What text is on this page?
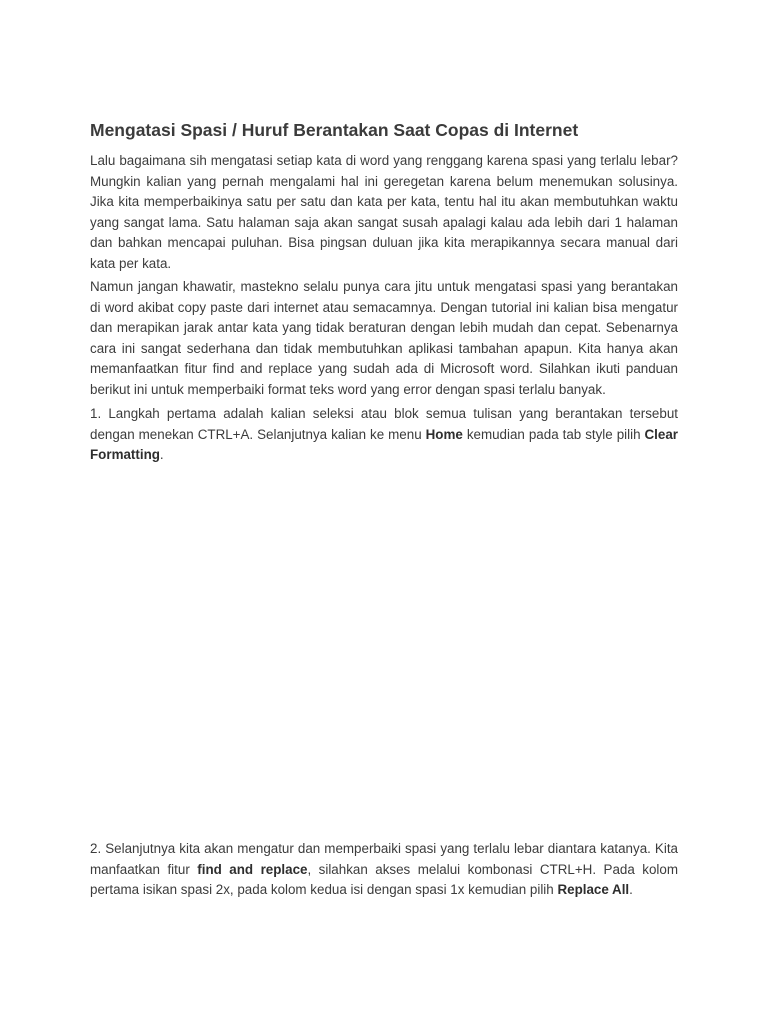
Mengatasi Spasi / Huruf Berantakan Saat Copas di Internet

Lalu bagaimana sih mengatasi setiap kata di word yang renggang karena spasi yang terlalu lebar? Mungkin kalian yang pernah mengalami hal ini geregetan karena belum menemukan solusinya. Jika kita memperbaikinya satu per satu dan kata per kata, tentu hal itu akan membutuhkan waktu yang sangat lama. Satu halaman saja akan sangat susah apalagi kalau ada lebih dari 1 halaman dan bahkan mencapai puluhan. Bisa pingsan duluan jika kita merapikannya secara manual dari kata per kata.

Namun jangan khawatir, mastekno selalu punya cara jitu untuk mengatasi spasi yang berantakan di word akibat copy paste dari internet atau semacamnya. Dengan tutorial ini kalian bisa mengatur dan merapikan jarak antar kata yang tidak beraturan dengan lebih mudah dan cepat. Sebenarnya cara ini sangat sederhana dan tidak membutuhkan aplikasi tambahan apapun. Kita hanya akan memanfaatkan fitur find and replace yang sudah ada di Microsoft word. Silahkan ikuti panduan berikut ini untuk memperbaiki format teks word yang error dengan spasi terlalu banyak.

1. Langkah pertama adalah kalian seleksi atau blok semua tulisan yang berantakan tersebut dengan menekan CTRL+A. Selanjutnya kalian ke menu Home kemudian pada tab style pilih Clear Formatting.

2. Selanjutnya kita akan mengatur dan memperbaiki spasi yang terlalu lebar diantara katanya. Kita manfaatkan fitur find and replace, silahkan akses melalui kombonasi CTRL+H. Pada kolom pertama isikan spasi 2x, pada kolom kedua isi dengan spasi 1x kemudian pilih Replace All.
